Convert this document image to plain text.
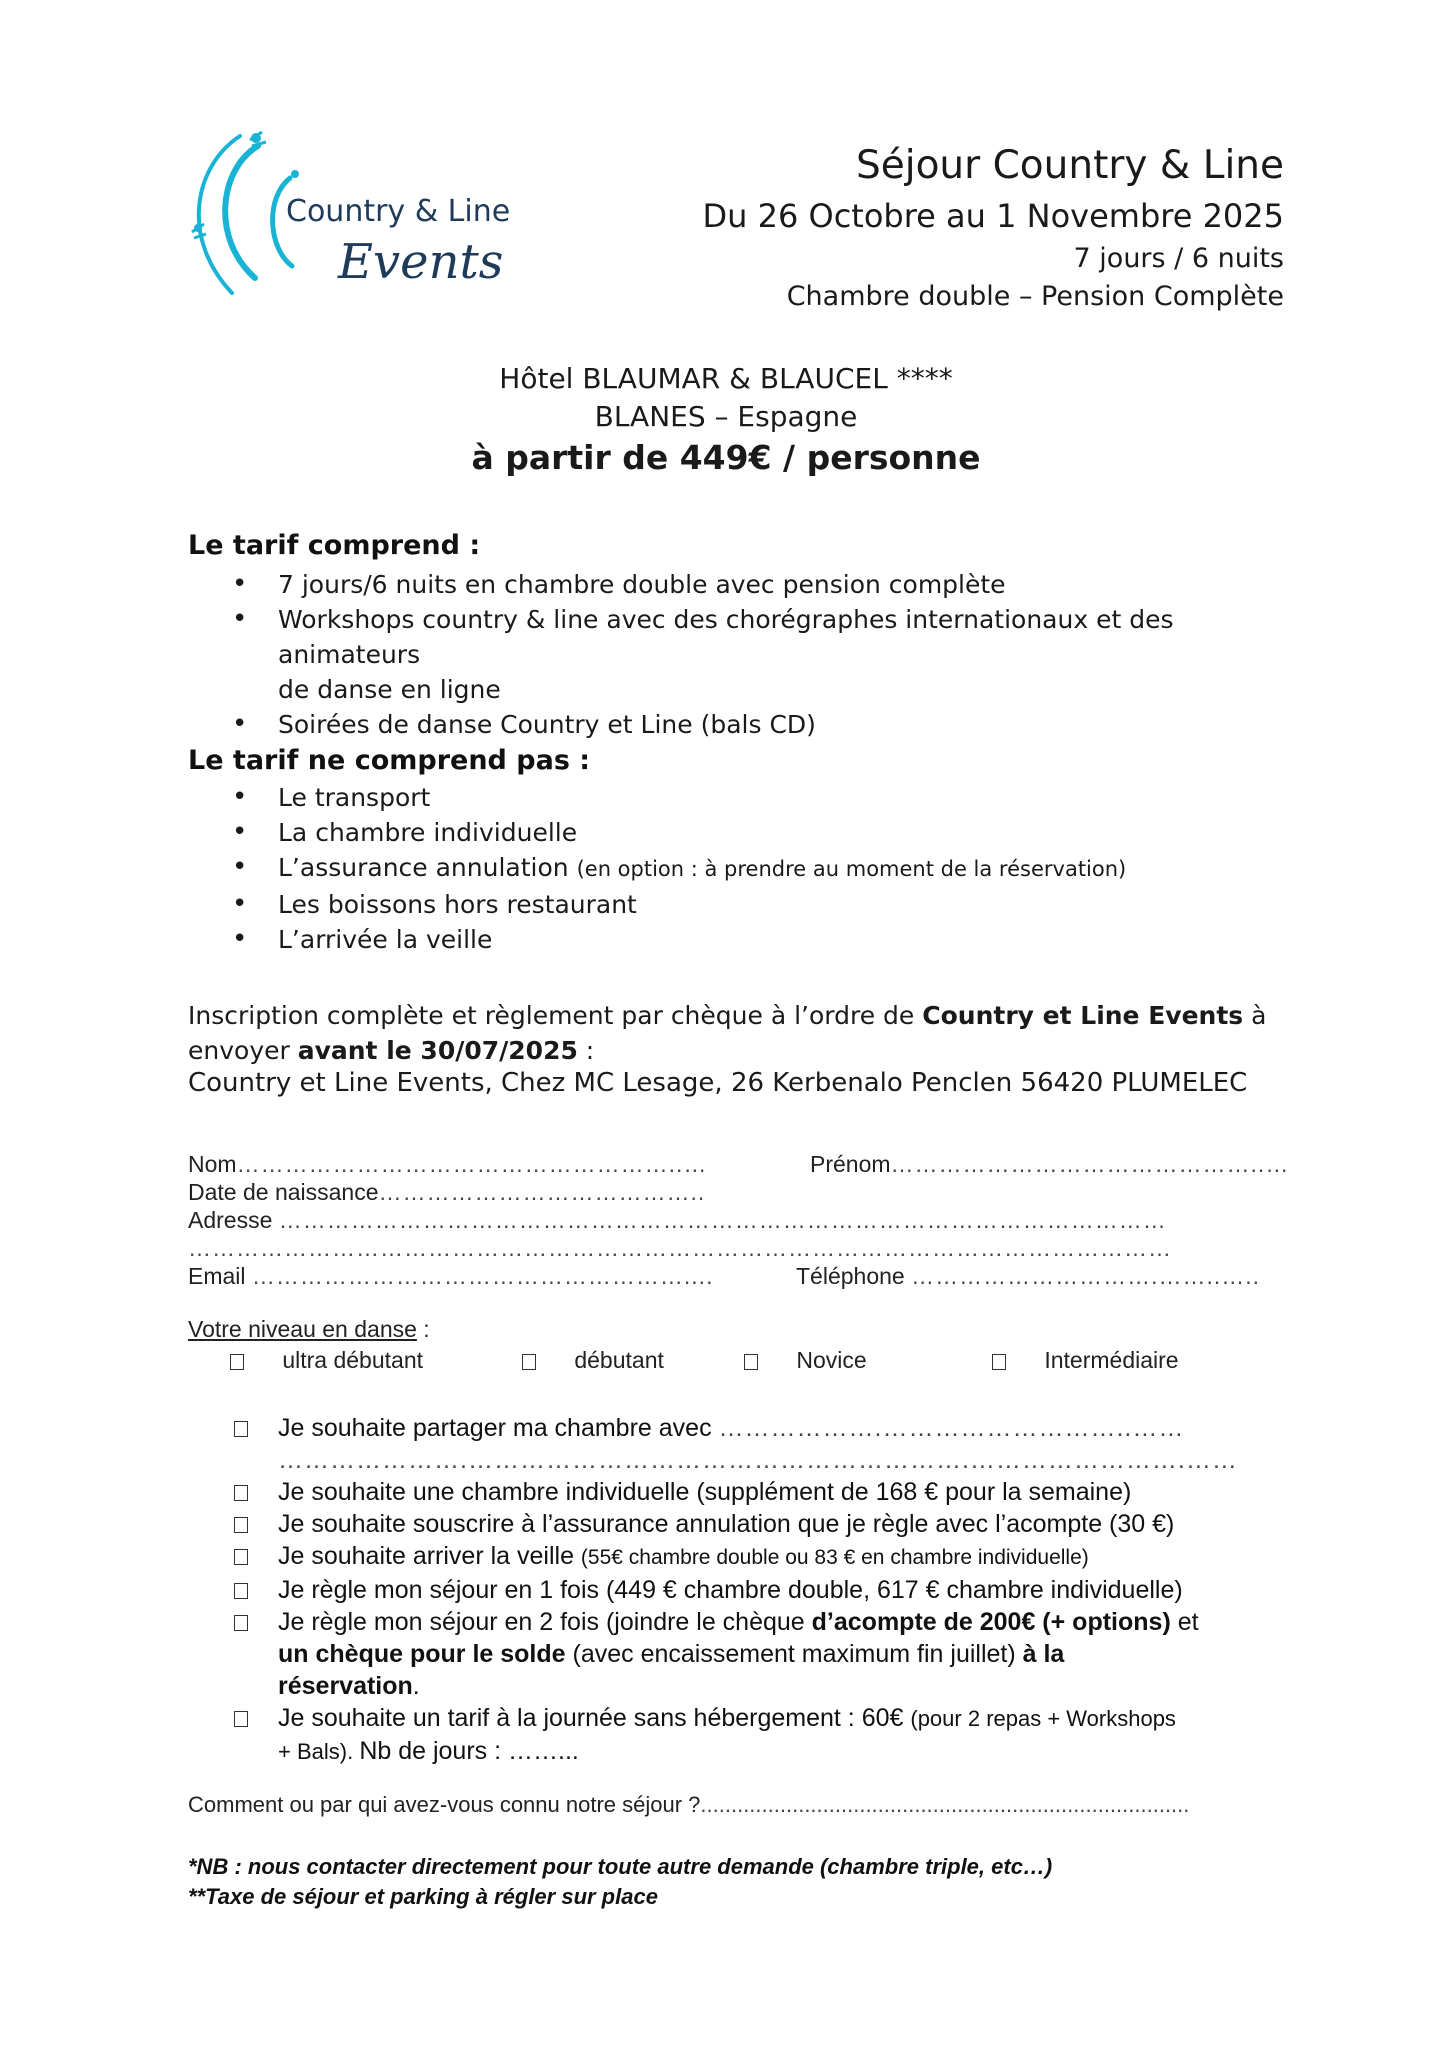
Country & Line
Events
Séjour Country & Line
Du 26 Octobre au 1 Novembre 2025
7 jours / 6 nuits
Chambre double – Pension Complète
Hôtel BLAUMAR & BLAUCEL ****
BLANES – Espagne
à partir de 449€ / personne
Le tarif comprend :
• 7 jours/6 nuits en chambre double avec pension complète
• Workshops country & line avec des chorégraphes internationaux et des animateurs
de danse en ligne
• Soirées de danse Country et Line (bals CD)
Le tarif ne comprend pas :
• Le transport
• La chambre individuelle
• L’assurance annulation (en option : à prendre au moment de la réservation)
• Les boissons hors restaurant
• L’arrivée la veille
Inscription complète et règlement par chèque à l’ordre de Country et Line Events à
envoyer avant le 30/07/2025 :
Country et Line Events, Chez MC Lesage, 26 Kerbenalo Penclen 56420 PLUMELEC
Nom………………………………………………..…	Prénom………………………………………..…
Date de naissance…………………………………..
Adresse …………………………………………………………………………………………………
……………………………………………………………………………………………………………
Email ………………………………………………....	Téléphone ………………………….……..…..
Votre niveau en danse :
ultra débutant	débutant	Novice	Intermédiaire
Je souhaite partager ma chambre avec ……………….………………………..……
………………….………………………………………………….…………………….……
Je souhaite une chambre individuelle (supplément de 168 € pour la semaine)
Je souhaite souscrire à l’assurance annulation que je règle avec l’acompte (30 €)
Je souhaite arriver la veille (55€ chambre double ou 83 € en chambre individuelle)
Je règle mon séjour en 1 fois (449 € chambre double, 617 € chambre individuelle)
Je règle mon séjour en 2 fois (joindre le chèque d’acompte de 200€ (+ options) et
un chèque pour le solde (avec encaissement maximum fin juillet) à la
réservation.
Je souhaite un tarif à la journée sans hébergement : 60€ (pour 2 repas + Workshops
+ Bals). Nb de jours : ……...
Comment ou par qui avez-vous connu notre séjour ?................................................................................
*NB : nous contacter directement pour toute autre demande (chambre triple, etc…)
**Taxe de séjour et parking à régler sur place
